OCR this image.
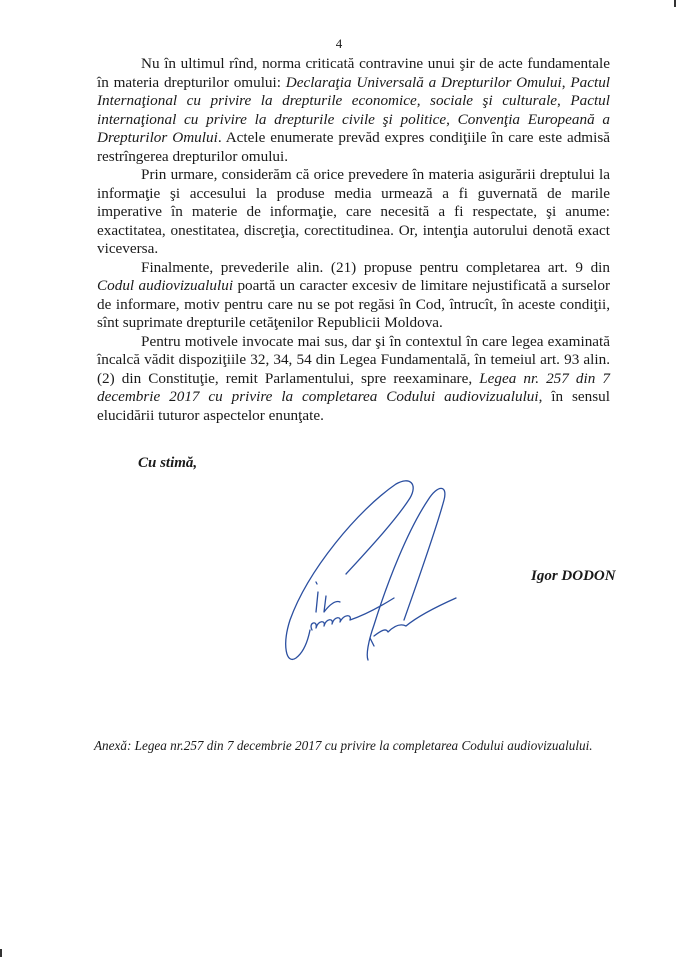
4

Nu în ultimul rînd, norma criticată contravine unui şir de acte fundamentale în materia drepturilor omului: Declaraţia Universală a Drepturilor Omului, Pactul Internaţional cu privire la drepturile economice, sociale şi culturale, Pactul internaţional cu privire la drepturile civile şi politice, Convenţia Europeană a Drepturilor Omului. Actele enumerate prevăd expres condiţiile în care este admisă restrîngerea drepturilor omului.

Prin urmare, considerăm că orice prevedere în materia asigurării dreptului la informaţie şi accesului la produse media urmează a fi guvernată de marile imperative în materie de informaţie, care necesită a fi respectate, şi anume: exactitatea, onestitatea, discreţia, corectitudinea. Or, intenţia autorului denotă exact viceversa.

Finalmente, prevederile alin. (21) propuse pentru completarea art. 9 din Codul audiovizualului poartă un caracter excesiv de limitare nejustificată a surselor de informare, motiv pentru care nu se pot regăsi în Cod, întrucît, în aceste condiţii, sînt suprimate drepturile cetăţenilor Republicii Moldova.

Pentru motivele invocate mai sus, dar şi în contextul în care legea examinată încalcă vădit dispoziţiile 32, 34, 54 din Legea Fundamentală, în temeiul art. 93 alin. (2) din Constituţie, remit Parlamentului, spre reexaminare, Legea nr. 257 din 7 decembrie 2017 cu privire la completarea Codului audiovizualului, în sensul elucidării tuturor aspectelor enunţate.

Cu stimă,
Igor DODON
Anexă: Legea nr.257 din 7 decembrie 2017 cu privire la completarea Codului audiovizualului.
